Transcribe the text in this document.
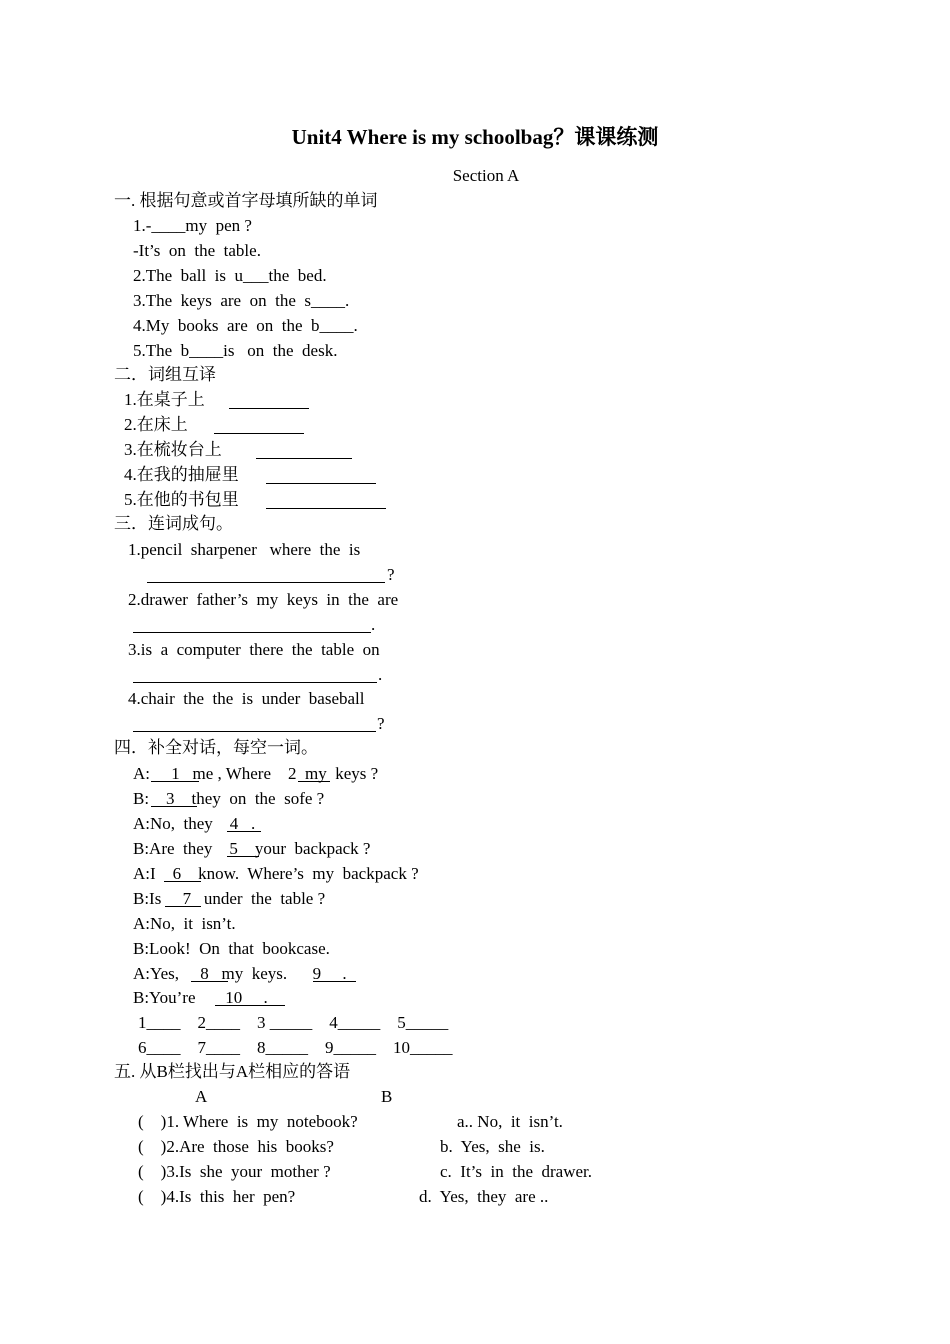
Unit4 Where is my schoolbag？课课练测
Section A
一. 根据句意或首字母填所缺的单词
1.-____my  pen ?
-It’s  on  the  table.
2.The  ball  is  u___the  bed.
3.The  keys  are  on  the  s____.
4.My  books  are  on  the  b____.
5.The  b____is   on  the  desk.
二．词组互译
1.在桌子上
2.在床上
3.在梳妆台上
4.在我的抽屉里
5.在他的书包里
三．连词成句。
1.pencil  sharpener   where  the  is
?
2.drawer  father’s  my  keys  in  the  are
.
3.is  a  computer  there  the  table  on
.
4.chair  the  the  is  under  baseball
?
四．补全对话，每空一词。
A:     1   me , Where    2  my  keys ?
B:    3    they  on  the  sofe ?
A:No,  they    4   .
B:Are  they    5    your  backpack ?
A:I    6    know.  Where’s  my  backpack ?
B:Is     7   under  the  table ?
A:No,  it  isn’t.
B:Look!  On  that  bookcase.
A:Yes,     8   my  keys.      9     .
B:You’re       10     .
1____    2____    3 _____    4_____    5_____
6____    7____    8_____    9_____    10_____
五. 从B栏找出与A栏相应的答语
A	B
(    )1. Where  is  my  notebook?	a.. No,  it  isn’t.
(    )2.Are  those  his  books?	b.  Yes,  she  is.
(    )3.Is  she  your  mother ?	c.  It’s  in  the  drawer.
(    )4.Is  this  her  pen?	d.  Yes,  they  are ..
